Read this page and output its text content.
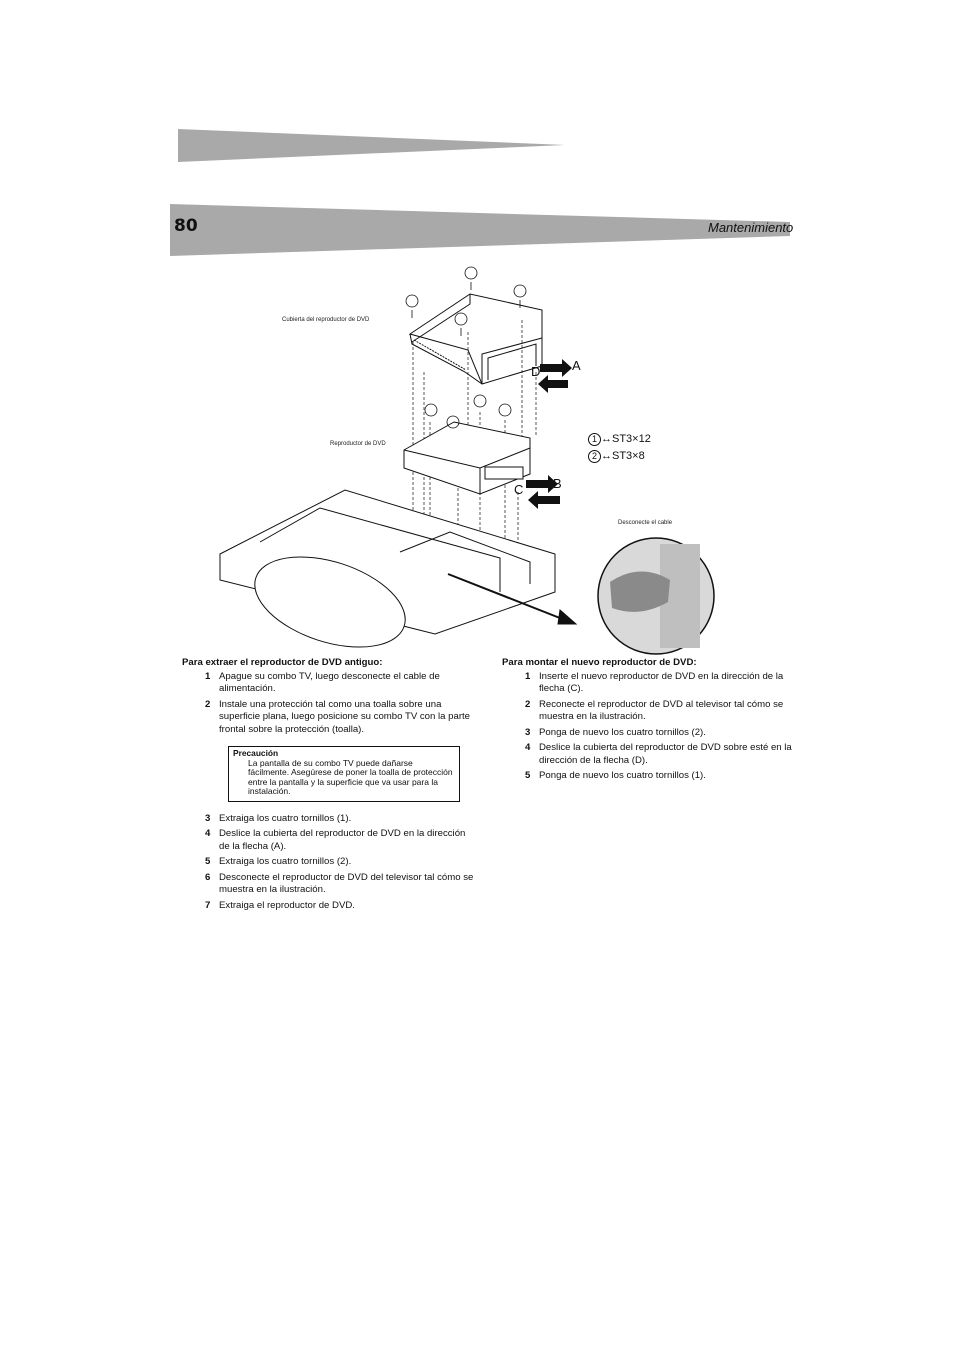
80	Mantenimiento
A
D
B
C
Cubierta del reproductor de DVD
Reproductor de DVD
Desconecte el cable
1 ↔ST3×12
2 ↔ST3×8
Para extraer el reproductor de DVD antiguo:
1 Apague su combo TV, luego desconecte el cable de alimentación.
2 Instale una protección tal como una toalla sobre una superficie plana, luego posicione su combo TV con la parte frontal sobre la protección (toalla).
Precaución
La pantalla de su combo TV puede dañarse fácilmente. Asegúrese de poner la toalla de protección entre la pantalla y la superficie que va usar para la instalación.
3 Extraiga los cuatro tornillos (1).
4 Deslice la cubierta del reproductor de DVD en la dirección de la flecha (A).
5 Extraiga los cuatro tornillos (2).
6 Desconecte el reproductor de DVD del televisor tal cómo se muestra en la ilustración.
7 Extraiga el reproductor de DVD.
Para montar el nuevo reproductor de DVD:
1 Inserte el nuevo reproductor de DVD en la dirección de la flecha (C).
2 Reconecte el reproductor de DVD al televisor tal cómo se muestra en la ilustración.
3 Ponga de nuevo los cuatro tornillos (2).
4 Deslice la cubierta del reproductor de DVD sobre esté en la dirección de la flecha (D).
5 Ponga de nuevo los cuatro tornillos (1).
